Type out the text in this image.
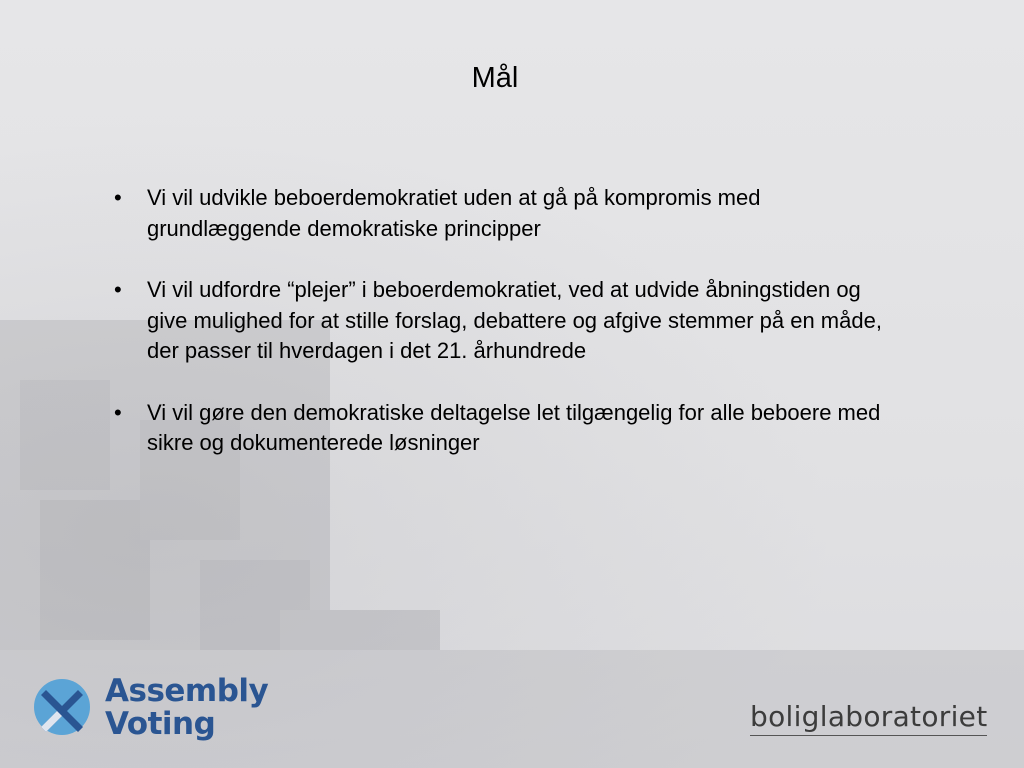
Mål
• Vi vil udvikle beboerdemokratiet uden at gå på kompromis med grundlæggende demokratiske principper
• Vi vil udfordre “plejer” i beboerdemokratiet, ved at udvide åbningstiden og give mulighed for at stille forslag, debattere og afgive stemmer på en måde, der passer til hverdagen i det 21. århundrede
• Vi vil gøre den demokratiske deltagelse let tilgængelig for alle beboere med sikre og dokumenterede løsninger
Assembly
Voting	boliglaboratoriet
